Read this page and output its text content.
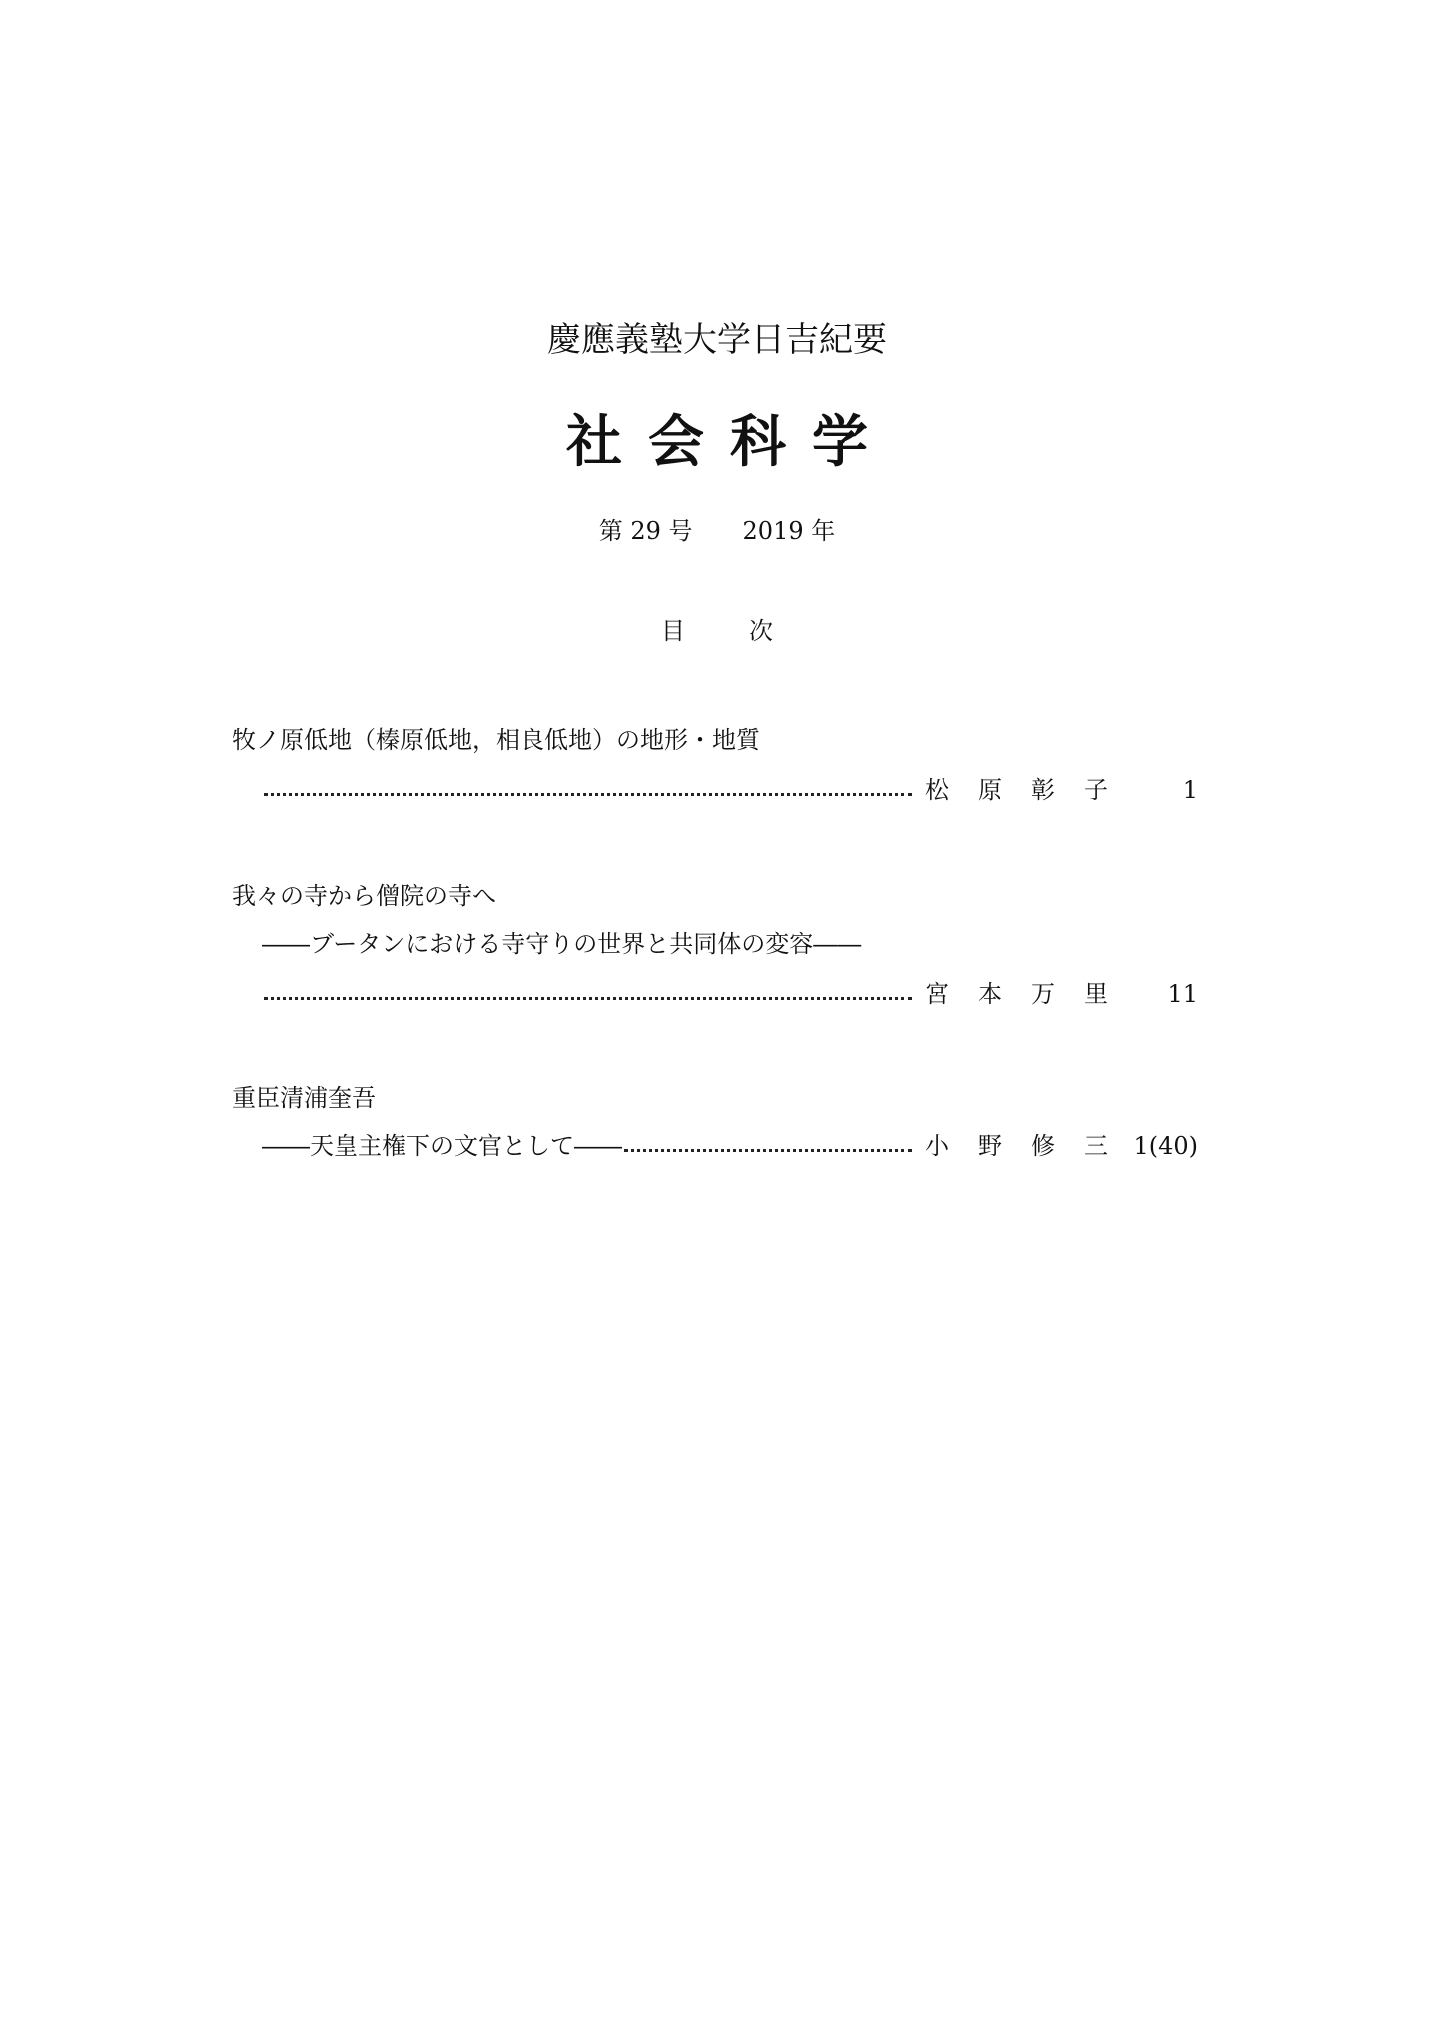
慶應義塾大学日吉紀要
社会科学
第 29 号 2019 年
目	次
牧ノ原低地（榛原低地，相良低地）の地形・地質
松原彰子 1
我々の寺から僧院の寺へ
――ブータンにおける寺守りの世界と共同体の変容――
宮本万里 11
重臣清浦奎吾
――天皇主権下の文官として――	小野修三
1(40)
